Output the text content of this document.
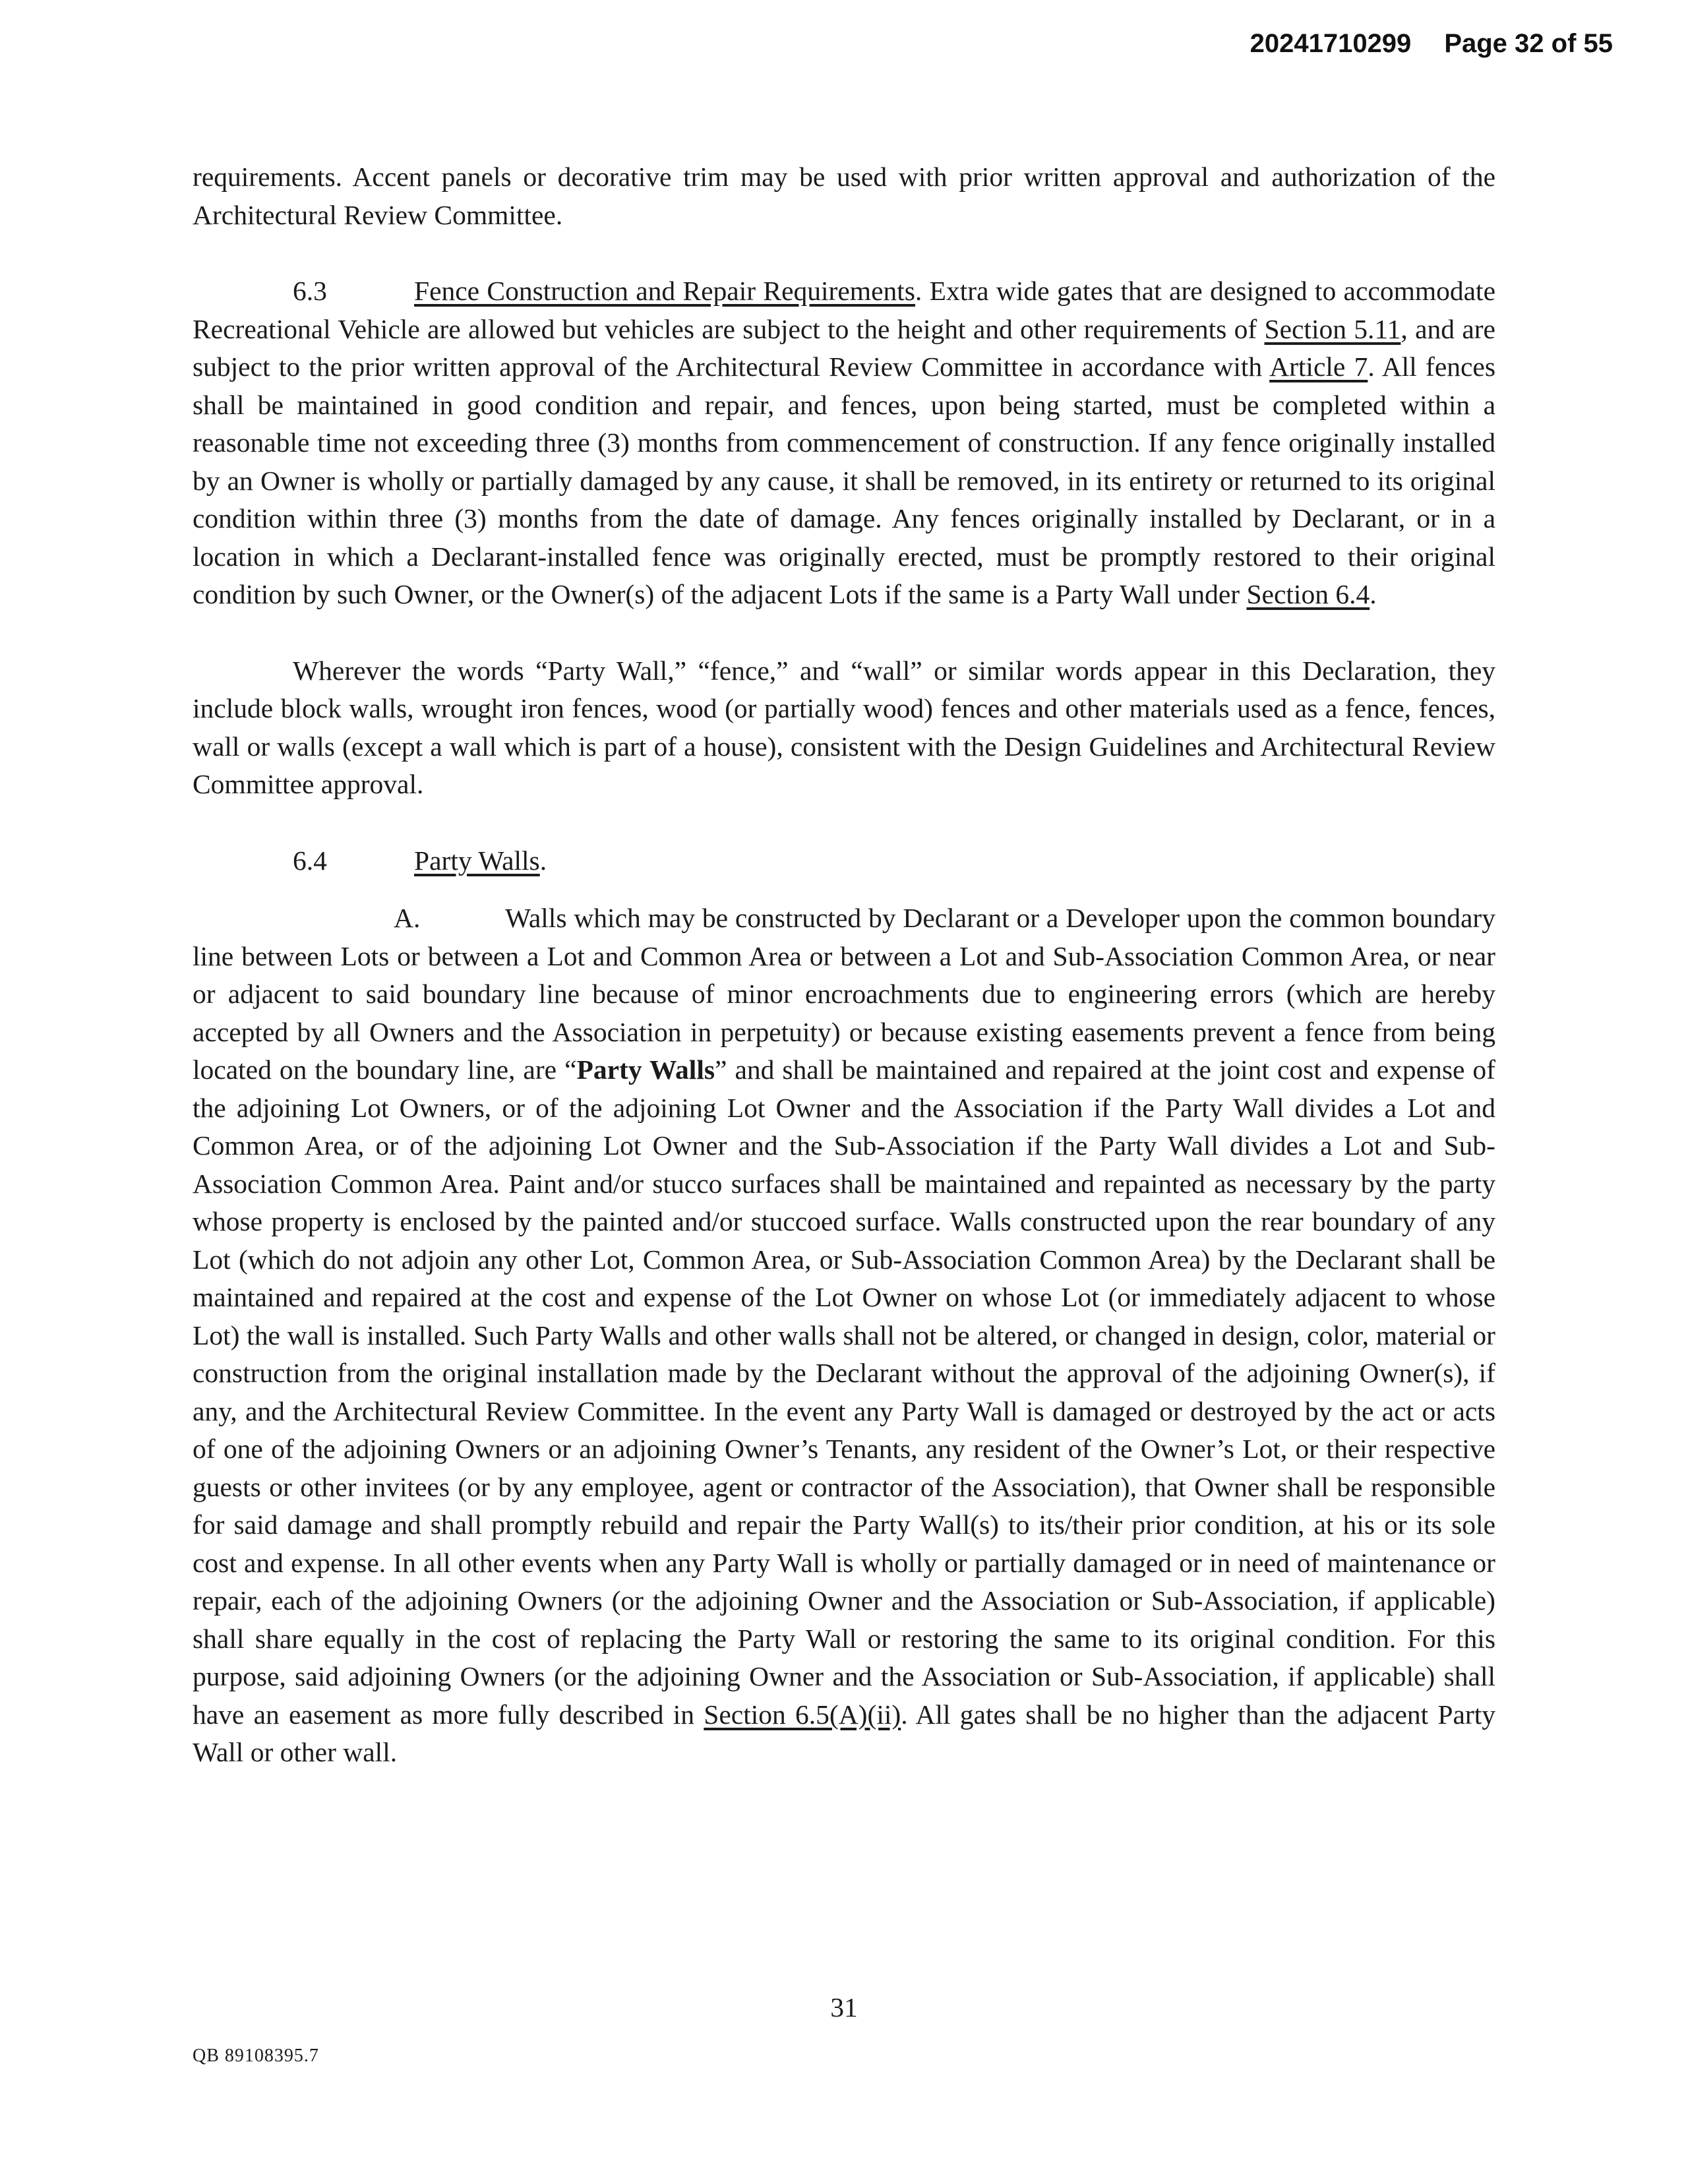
20241710299 Page 32 of 55

requirements. Accent panels or decorative trim may be used with prior written approval and authorization of the Architectural Review Committee.

6.3	Fence Construction and Repair Requirements. Extra wide gates that are designed to accommodate Recreational Vehicle are allowed but vehicles are subject to the height and other requirements of Section 5.11, and are subject to the prior written approval of the Architectural Review Committee in accordance with Article 7. All fences shall be maintained in good condition and repair, and fences, upon being started, must be completed within a reasonable time not exceeding three (3) months from commencement of construction. If any fence originally installed by an Owner is wholly or partially damaged by any cause, it shall be removed, in its entirety or returned to its original condition within three (3) months from the date of damage. Any fences originally installed by Declarant, or in a location in which a Declarant-installed fence was originally erected, must be promptly restored to their original condition by such Owner, or the Owner(s) of the adjacent Lots if the same is a Party Wall under Section 6.4.

Wherever the words “Party Wall,” “fence,” and “wall” or similar words appear in this Declaration, they include block walls, wrought iron fences, wood (or partially wood) fences and other materials used as a fence, fences, wall or walls (except a wall which is part of a house), consistent with the Design Guidelines and Architectural Review Committee approval.

6.4	Party Walls.

A.	Walls which may be constructed by Declarant or a Developer upon the common boundary line between Lots or between a Lot and Common Area or between a Lot and Sub-Association Common Area, or near or adjacent to said boundary line because of minor encroachments due to engineering errors (which are hereby accepted by all Owners and the Association in perpetuity) or because existing easements prevent a fence from being located on the boundary line, are “Party Walls” and shall be maintained and repaired at the joint cost and expense of the adjoining Lot Owners, or of the adjoining Lot Owner and the Association if the Party Wall divides a Lot and Common Area, or of the adjoining Lot Owner and the Sub-Association if the Party Wall divides a Lot and Sub-Association Common Area. Paint and/or stucco surfaces shall be maintained and repainted as necessary by the party whose property is enclosed by the painted and/or stuccoed surface. Walls constructed upon the rear boundary of any Lot (which do not adjoin any other Lot, Common Area, or Sub-Association Common Area) by the Declarant shall be maintained and repaired at the cost and expense of the Lot Owner on whose Lot (or immediately adjacent to whose Lot) the wall is installed. Such Party Walls and other walls shall not be altered, or changed in design, color, material or construction from the original installation made by the Declarant without the approval of the adjoining Owner(s), if any, and the Architectural Review Committee. In the event any Party Wall is damaged or destroyed by the act or acts of one of the adjoining Owners or an adjoining Owner’s Tenants, any resident of the Owner’s Lot, or their respective guests or other invitees (or by any employee, agent or contractor of the Association), that Owner shall be responsible for said damage and shall promptly rebuild and repair the Party Wall(s) to its/their prior condition, at his or its sole cost and expense. In all other events when any Party Wall is wholly or partially damaged or in need of maintenance or repair, each of the adjoining Owners (or the adjoining Owner and the Association or Sub-Association, if applicable) shall share equally in the cost of replacing the Party Wall or restoring the same to its original condition. For this purpose, said adjoining Owners (or the adjoining Owner and the Association or Sub-Association, if applicable) shall have an easement as more fully described in Section 6.5(A)(ii). All gates shall be no higher than the adjacent Party Wall or other wall.

31
QB 89108395.7
